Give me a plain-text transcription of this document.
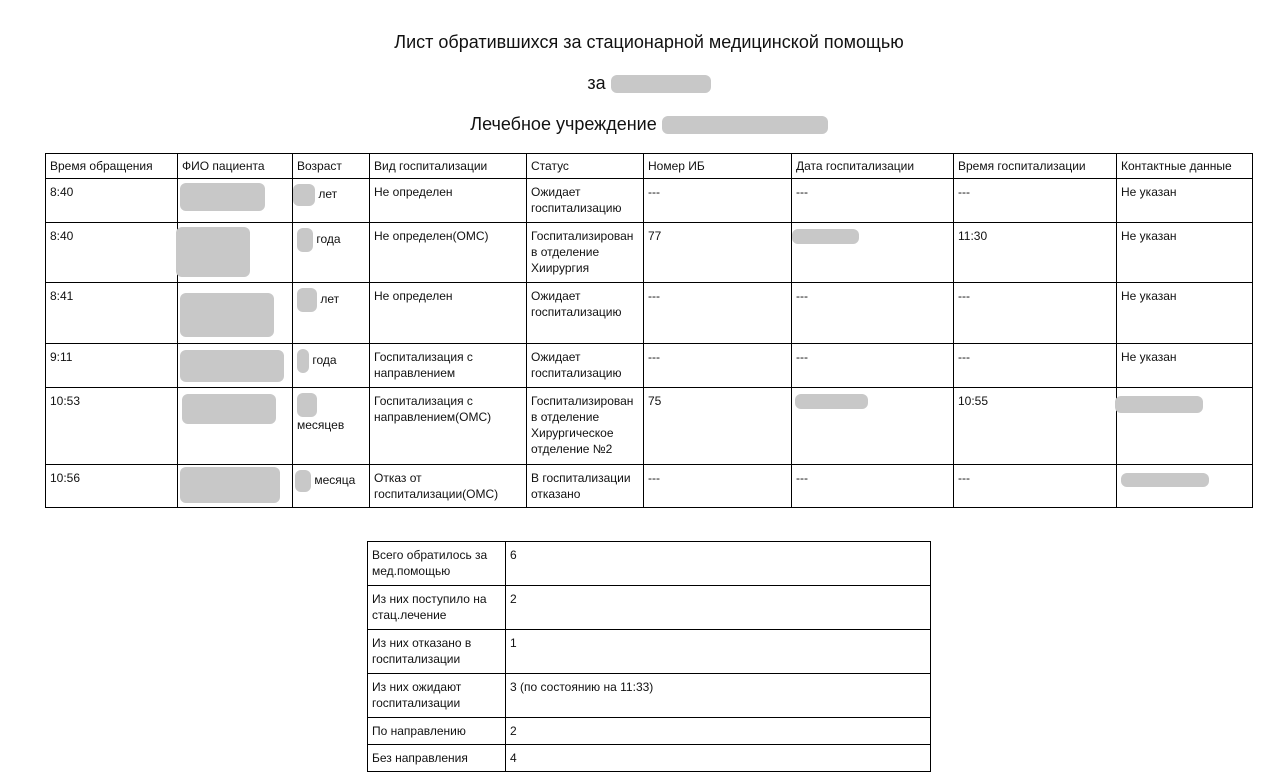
Лист обратившихся за стационарной медицинской помощью
за
Лечебное учреждение
Время обращения	ФИО пациента	Возраст	Вид госпитализации	Статус	Номер ИБ	Дата госпитализации	Время госпитализации	Контактные данные
8:40		лет	Не определен	Ожидает госпитализацию	---	---	---	Не указан
8:40		года	Не определен(ОМС)	Госпитализирован в отделение Хиирургия	77		11:30	Не указан
8:41		лет	Не определен	Ожидает госпитализацию	---	---	---	Не указан
9:11		года	Госпитализация с направлением	Ожидает госпитализацию	---	---	---	Не указан
10:53		месяцев	Госпитализация с направлением(ОМС)	Госпитализирован в отделение Хирургическое отделение №2	75		10:55	

10:56		месяца	Отказ от госпитализации(ОМС)	В госпитализации отказано	---	---	---	
Всего обратилось за мед.помощью	6
Из них поступило на стац.лечение	2
Из них отказано в госпитализации	1
Из них ожидают госпитализации	3 (по состоянию на 11:33)
По направлению	2
Без направления	4
